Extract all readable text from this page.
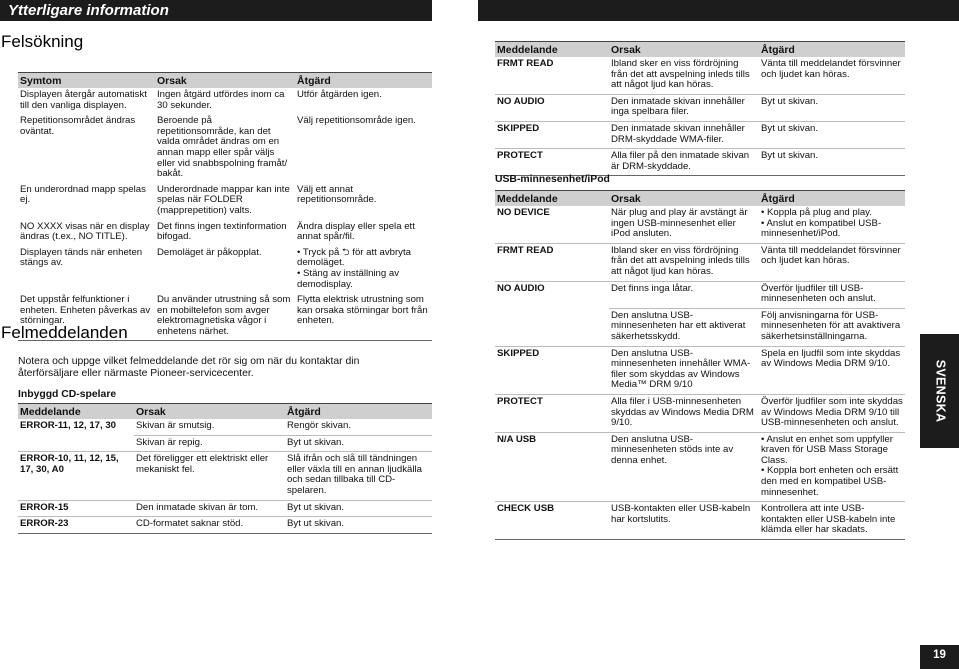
Ytterligare information
Felsökning
Symtom	Orsak	Åtgärd
Displayen återgår automatiskt till den vanliga displayen.	Ingen åtgärd utfördes inom ca 30 sekunder.	Utför åtgärden igen.
Repetitionsområdet ändras oväntat.	Beroende på repetitionsområde, kan det valda området ändras om en annan mapp eller spår väljs eller vid snabbspolning framåt/ bakåt.	Välj repetitionsområde igen.
En underordnad mapp spelas ej.	Underordnade mappar kan inte spelas när FOLDER (mapprepetition) valts.	Välj ett annat repetitionsområde.
NO XXXX visas när en display ändras (t.ex., NO TITLE).	Det finns ingen textinformation bifogad.	Ändra display eller spela ett annat spår/fil.
Displayen tänds när enheten stängs av.	Demoläget är påkopplat.	• Tryck på ⮌ för att avbryta demoläget.
• Stäng av inställning av demodisplay.

Det uppstår felfunktioner i enheten. Enheten påverkas av störningar.	Du använder utrustning så som en mobiltelefon som avger elektromagnetiska vågor i enhetens närhet.	Flytta elektrisk utrustning som kan orsaka störningar bort från enheten.
Felmeddelanden
Notera och uppge vilket felmeddelande det rör sig om när du kontaktar din återförsäljare eller närmaste Pioneer-servicecenter.
Inbyggd CD-spelare
Meddelande	Orsak	Åtgärd
ERROR-11, 12, 17, 30	Skivan är smutsig.	Rengör skivan.
	Skivan är repig.	Byt ut skivan.
ERROR-10, 11, 12, 15, 17, 30, A0	Det föreligger ett elektriskt eller mekaniskt fel.	Slå ifrån och slå till tändningen eller växla till en annan ljudkälla och sedan tillbaka till CD-spelaren.
ERROR-15	Den inmatade skivan är tom.	Byt ut skivan.
ERROR-23	CD-formatet saknar stöd.	Byt ut skivan.
Meddelande	Orsak	Åtgärd
FRMT READ	Ibland sker en viss fördröjning från det att avspelning inleds tills att något ljud kan höras.	Vänta till meddelandet försvinner och ljudet kan höras.
NO AUDIO	Den inmatade skivan innehåller inga spelbara filer.	Byt ut skivan.
SKIPPED	Den inmatade skivan innehåller DRM-skyddade WMA-filer.	Byt ut skivan.
PROTECT	Alla filer på den inmatade skivan är DRM-skyddade.	Byt ut skivan.
USB-minnesenhet/iPod
Meddelande	Orsak	Åtgärd
NO DEVICE	När plug and play är avstängt är ingen USB-minnesenhet eller iPod ansluten.	• Koppla på plug and play.
• Anslut en kompatibel USB-minnesenhet/iPod.

FRMT READ	Ibland sker en viss fördröjning från det att avspelning inleds tills att något ljud kan höras.	Vänta till meddelandet försvinner och ljudet kan höras.
NO AUDIO	Det finns inga låtar.	Överför ljudfiler till USB-minnesenheten och anslut.
	Den anslutna USB-minnesenheten har ett aktiverat säkerhetsskydd.	Följ anvisningarna för USB-minnesenheten för att avaktivera säkerhetsinställningarna.
SKIPPED	Den anslutna USB-minnesenheten innehåller WMA-filer som skyddas av Windows Media™ DRM 9/10	Spela en ljudfil som inte skyddas av Windows Media DRM 9/10.
PROTECT	Alla filer i USB-minnesenheten skyddas av Windows Media DRM 9/10.	Överför ljudfiler som inte skyddas av Windows Media DRM 9/10 till USB-minnesenheten och anslut.
N/A USB	Den anslutna USB-minnesenheten stöds inte av denna enhet.	• Anslut en enhet som uppfyller kraven för USB Mass Storage Class.
• Koppla bort enheten och ersätt den med en kompatibel USB-minnesenhet.

CHECK USB	USB-kontakten eller USB-kabeln har kortslutits.	Kontrollera att inte USB-kontakten eller USB-kabeln inte klämda eller har skadats.
SVENSKA
19
